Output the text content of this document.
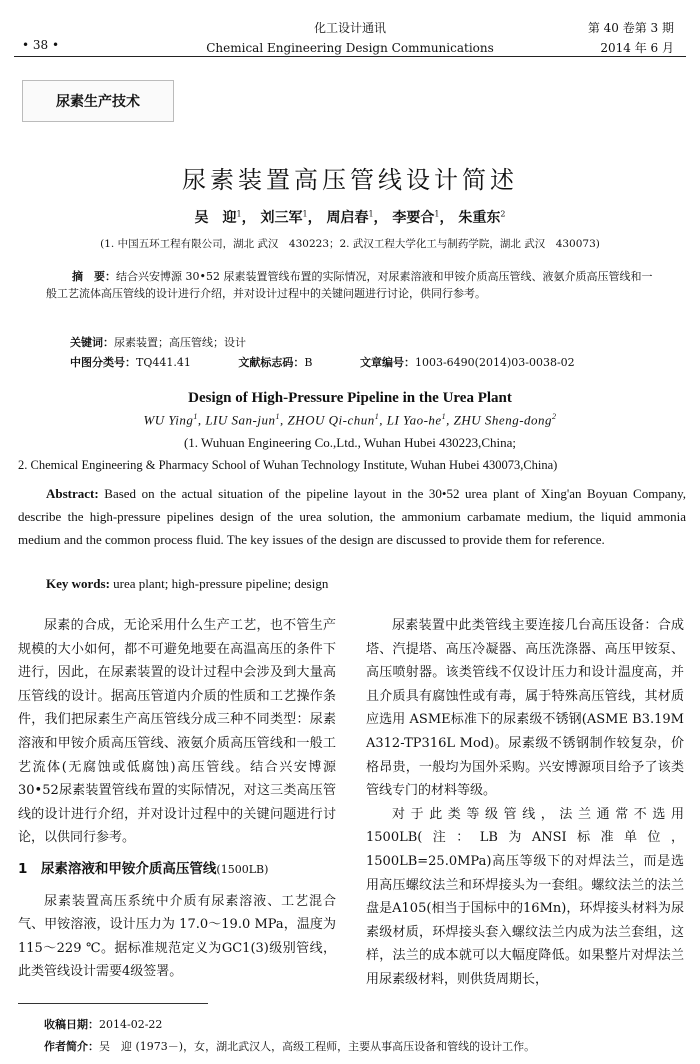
• 38 •
化工设计通讯
Chemical Engineering Design Communications
第 40 卷第 3 期
2014 年 6 月
尿素生产技术
尿素装置高压管线设计简述
吴　迎$^1$， 刘三军$^1$， 周启春$^1$， 李要合$^1$， 朱重东$^2$
(1. 中国五环工程有限公司，湖北 武汉　430223；2. 武汉工程大学化工与制药学院，湖北 武汉　430073)
摘　要：结合兴安博源 30•52 尿素装置管线布置的实际情况，对尿素溶液和甲铵介质高压管线、液氨介质高压管线和一般工艺流体高压管线的设计进行介绍，并对设计过程中的关键问题进行讨论，供同行参考。
关键词：尿素装置；高压管线；设计
中图分类号：TQ441.41	文献标志码：B	文章编号：1003-6490(2014)03-0038-02
Design of High-Pressure Pipeline in the Urea Plant
WU Ying$^1$, LIU San-jun$^1$, ZHOU Qi-chun$^1$, LI Yao-$he^1$, ZHU Sheng-dong$^2$
(1. Wuhuan Engineering Co.,Ltd., Wuhan Hubei 430223,China;
2. Chemical Engineering & Pharmacy School of Wuhan Technology Institute, Wuhan Hubei 430073,China)
Abstract: Based on the actual situation of the pipeline layout in the 30•52 urea plant of Xing'an Boyuan Company, describe the high-pressure pipelines design of the urea solution, the ammonium carbamate medium, the liquid ammonia medium and the common process fluid. The key issues of the design are discussed to provide them for reference.
Key words: urea plant; high-pressure pipeline; design

尿素的合成，无论采用什么生产工艺，也不管生产规模的大小如何，都不可避免地要在高温高压的条件下进行，因此，在尿素装置的设计过程中会涉及到大量高压管线的设计。据高压管道内介质的性质和工艺操作条件，我们把尿素生产高压管线分成三种不同类型：尿素溶液和甲铵介质高压管线、液氨介质高压管线和一般工艺流体(无腐蚀或低腐蚀)高压管线。结合兴安博源30•52尿素装置管线布置的实际情况，对这三类高压管线的设计进行介绍，并对设计过程中的关键问题进行讨论，以供同行参考。

1　尿素溶液和甲铵介质高压管线(1500LB)

尿素装置高压系统中介质有尿素溶液、工艺混合气、甲铵溶液，设计压力为 17.0～19.0 MPa，温度为 115～229 ℃。据标准规范定义为GC1(3)级别管线，此类管线设计需要4级签署。

尿素装置中此类管线主要连接几台高压设备：合成塔、汽提塔、高压冷凝器、高压洗涤器、高压甲铵泵、高压喷射器。该类管线不仅设计压力和设计温度高，并且介质具有腐蚀性或有毒，属于特殊高压管线，其材质应选用 ASME标准下的尿素级不锈钢(ASME B3.19M A312-TP316L Mod)。尿素级不锈钢制作较复杂，价格昂贵，一般均为国外采购。兴安博源项目给予了该类管线专门的材料等级。

对于此类等级管线，法兰通常不选用 1500LB(注：LB为ANSI标准单位，1500LB=25.0MPa)高压等级下的对焊法兰，而是选用高压螺纹法兰和环焊接头为一套组。螺纹法兰的法兰盘是A105(相当于国标中的16Mn)，环焊接头材料为尿素级材质，环焊接头套入螺纹法兰内成为法兰套组，这样，法兰的成本就可以大幅度降低。如果整片对焊法兰用尿素级材料，则供货周期长，

收稿日期：2014-02-22
作者简介：吴　迎 (1973－)，女，湖北武汉人，高级工程师，主要从事高压设备和管线的设计工作。
